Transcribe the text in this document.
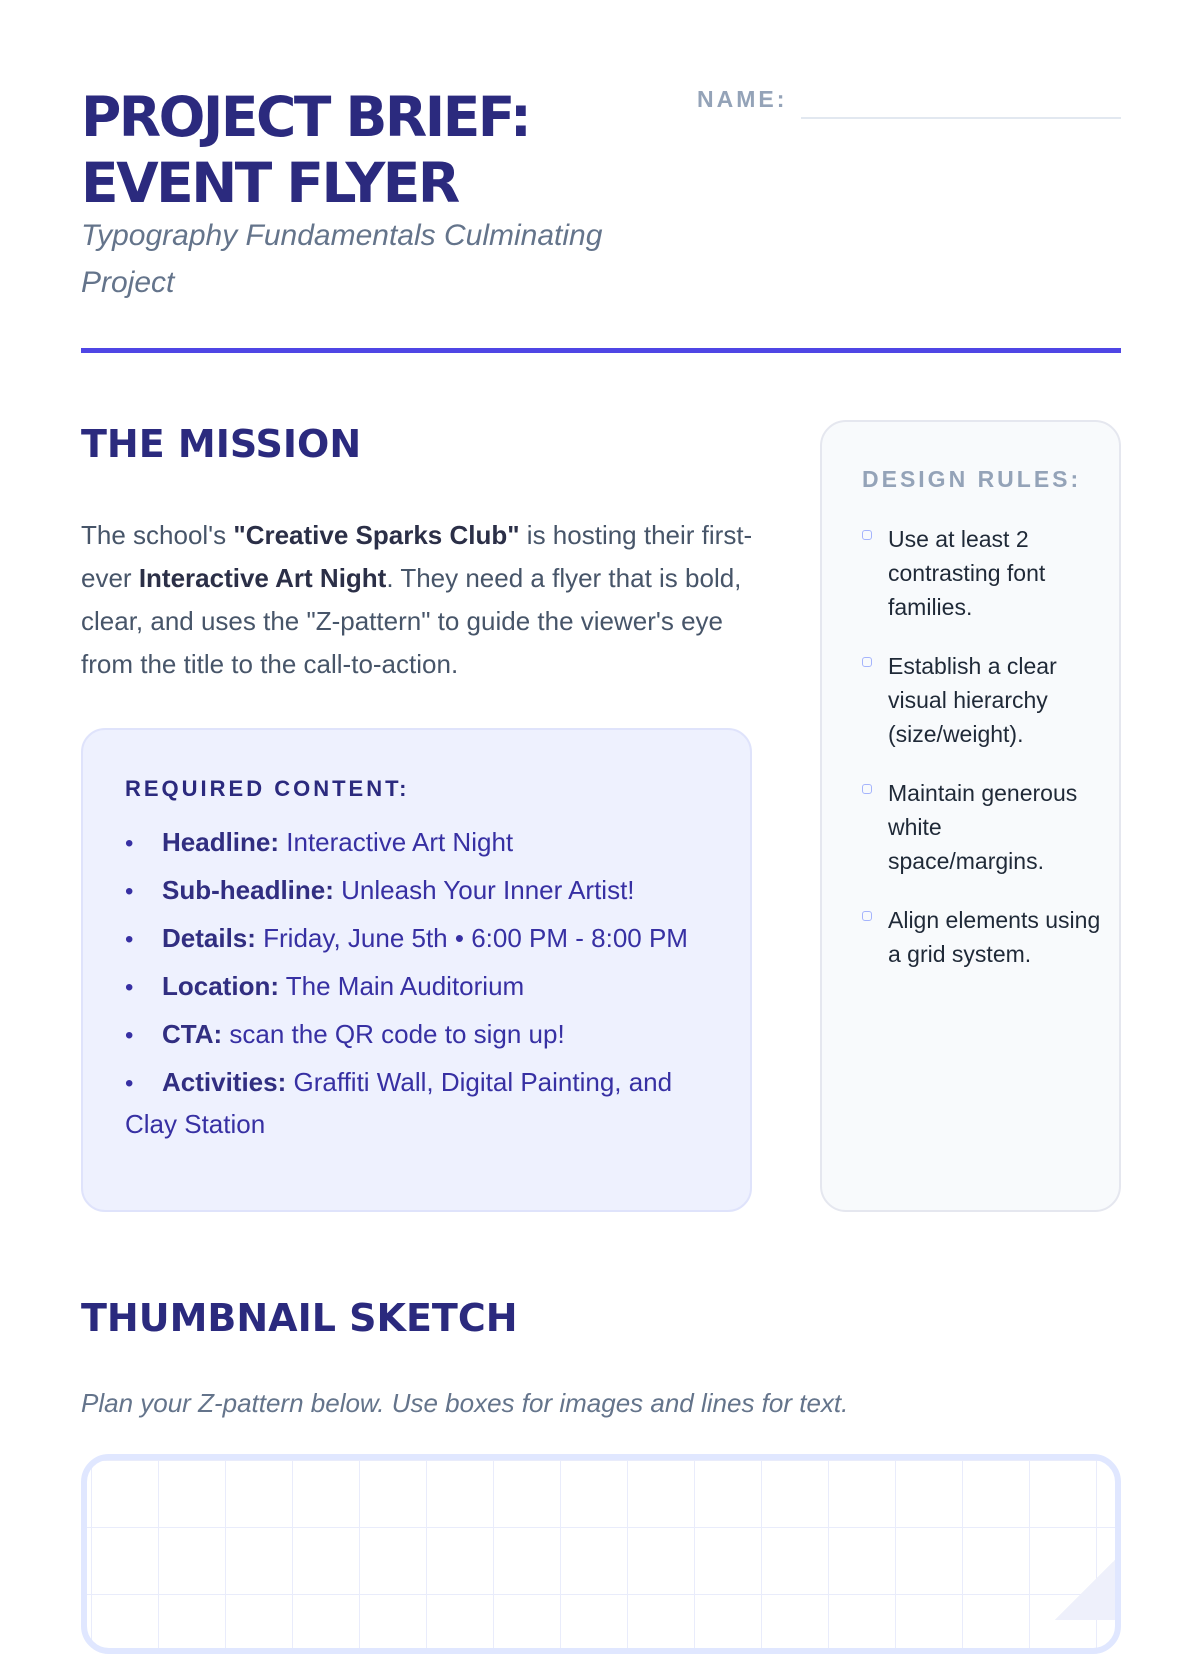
PROJECT BRIEF:
EVENT FLYER

Typography Fundamentals Culminating Project

NAME:
THE MISSION

The school's "Creative Sparks Club" is hosting their first-ever Interactive Art Night. They need a flyer that is bold, clear, and uses the "Z-pattern" to guide the viewer's eye from the title to the call-to-action.

REQUIRED CONTENT:
• Headline: Interactive Art Night
• Sub-headline: Unleash Your Inner Artist!
• Details: Friday, June 5th • 6:00 PM - 8:00 PM
• Location: The Main Auditorium
• CTA: scan the QR code to sign up!
• Activities: Graffiti Wall, Digital Painting, and Clay Station
DESIGN RULES:
Use at least 2 contrasting font families.
Establish a clear visual hierarchy (size/weight).
Maintain generous white space/margins.
Align elements using a grid system.
THUMBNAIL SKETCH

Plan your Z-pattern below. Use boxes for images and lines for text.
